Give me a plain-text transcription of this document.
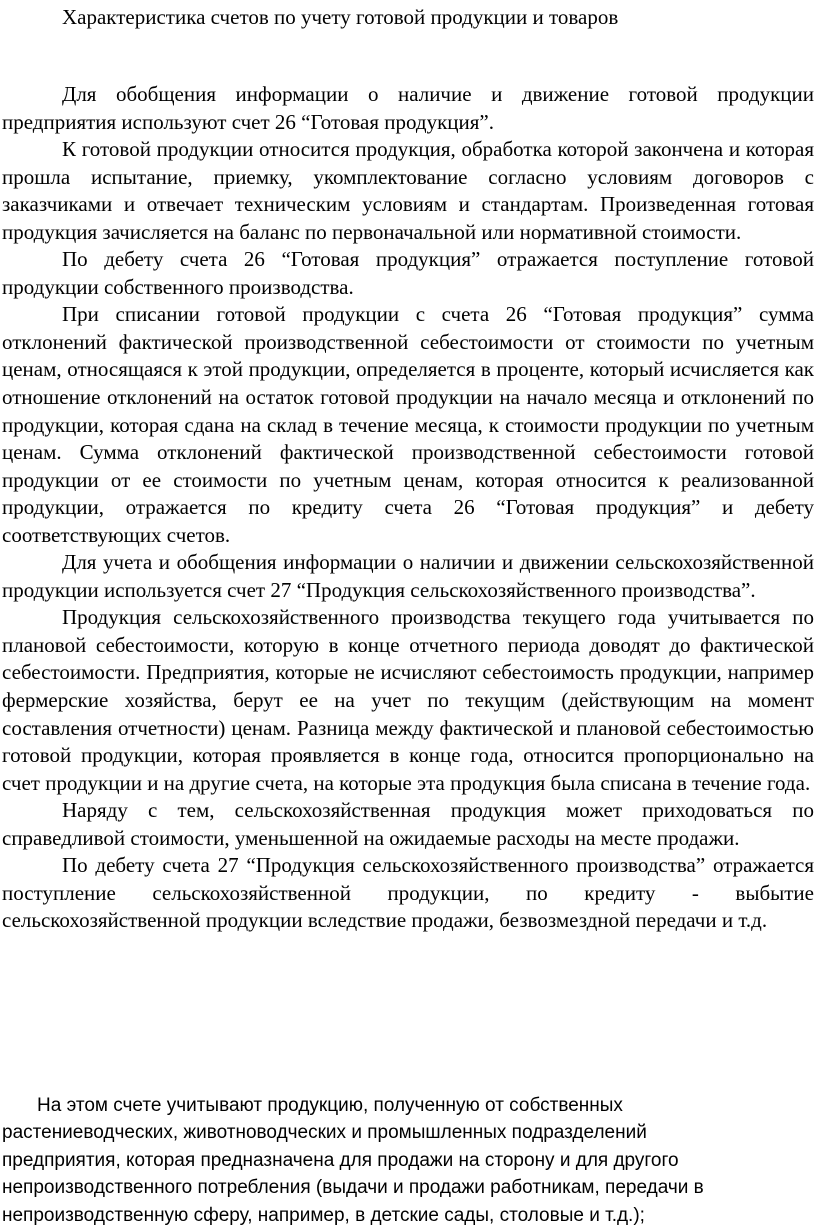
Характеристика счетов по учету готовой продукции и товаров

Для обобщения информации о наличие и движение готовой продукции предприятия используют счет 26 “Готовая продукция”.

К готовой продукции относится продукция, обработка которой закончена и которая прошла испытание, приемку, укомплектование согласно условиям договоров с заказчиками и отвечает техническим условиям и стандартам. Произведенная готовая продукция зачисляется на баланс по первоначальной или нормативной стоимости.

По дебету счета 26 “Готовая продукция” отражается поступление готовой продукции собственного производства.

При списании готовой продукции с счета 26 “Готовая продукция” сумма отклонений фактической производственной себестоимости от стоимости по учетным ценам, относящаяся к этой продукции, определяется в проценте, который исчисляется как отношение отклонений на остаток готовой продукции на начало месяца и отклонений по продукции, которая сдана на склад в течение месяца, к стоимости продукции по учетным ценам. Сумма отклонений фактической производственной себестоимости готовой продукции от ее стоимости по учетным ценам, которая относится к реализованной продукции, отражается по кредиту счета 26 “Готовая продукция” и дебету соответствующих счетов.

Для учета и обобщения информации о наличии и движении сельскохозяйственной продукции используется счет 27 “Продукция сельскохозяйственного производства”.

Продукция сельскохозяйственного производства текущего года учитывается по плановой себестоимости, которую в конце отчетного периода доводят до фактической себестоимости. Предприятия, которые не исчисляют себестоимость продукции, например фермерские хозяйства, берут ее на учет по текущим (действующим на момент составления отчетности) ценам. Разница между фактической и плановой себестоимостью готовой продукции, которая проявляется в конце года, относится пропорционально на счет продукции и на другие счета, на которые эта продукция была списана в течение года.

Наряду с тем, сельскохозяйственная продукция может приходоваться по справедливой стоимости, уменьшенной на ожидаемые расходы на месте продажи.

По дебету счета 27 “Продукция сельскохозяйственного производства” отражается поступление сельскохозяйственной продукции, по кредиту - выбытие сельскохозяйственной продукции вследствие продажи, безвозмездной передачи и т.д.

На этом счете учитывают продукцию, полученную от собственных
растениеводческих, животноводческих и промышленных подразделений
предприятия, которая предназначена для продажи на сторону и для другого
непроизводственного потребления (выдачи и продажи работникам, передачи в
непроизводственную сферу, например, в детские сады, столовые и т.д.);
